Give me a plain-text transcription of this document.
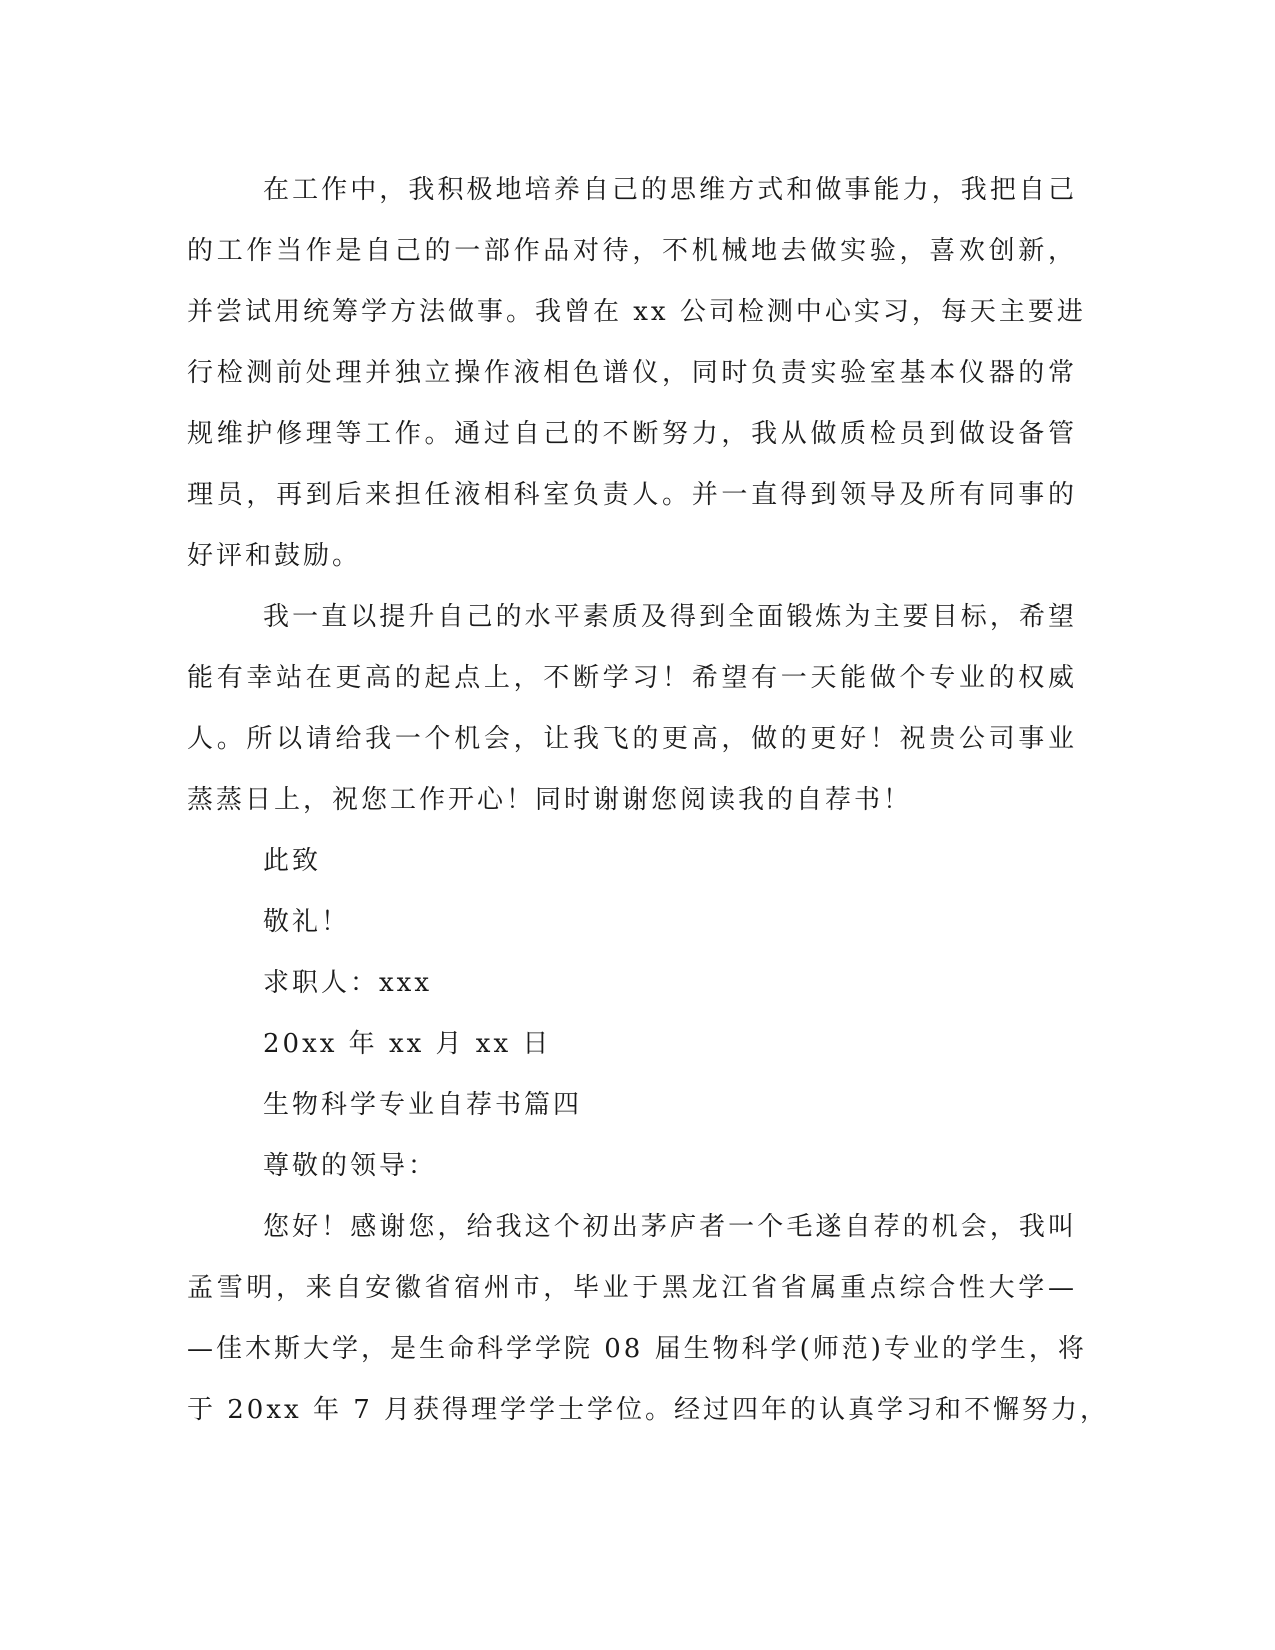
在工作中，我积极地培养自己的思维方式和做事能力，我把自己
的工作当作是自己的一部作品对待，不机械地去做实验，喜欢创新，
并尝试用统筹学方法做事。我曾在 xx 公司检测中心实习，每天主要进
行检测前处理并独立操作液相色谱仪，同时负责实验室基本仪器的常
规维护修理等工作。通过自己的不断努力，我从做质检员到做设备管
理员，再到后来担任液相科室负责人。并一直得到领导及所有同事的
好评和鼓励。
我一直以提升自己的水平素质及得到全面锻炼为主要目标，希望
能有幸站在更高的起点上，不断学习！希望有一天能做个专业的权威
人。所以请给我一个机会，让我飞的更高，做的更好！祝贵公司事业
蒸蒸日上，祝您工作开心！同时谢谢您阅读我的自荐书！
此致
敬礼！
求职人：xxx
20xx 年 xx 月 xx 日
生物科学专业自荐书篇四
尊敬的领导：
您好！感谢您，给我这个初出茅庐者一个毛遂自荐的机会，我叫
孟雪明，来自安徽省宿州市，毕业于黑龙江省省属重点综合性大学—
—佳木斯大学，是生命科学学院 08 届生物科学(师范)专业的学生，将
于 20xx 年 7 月获得理学学士学位。经过四年的认真学习和不懈努力，
